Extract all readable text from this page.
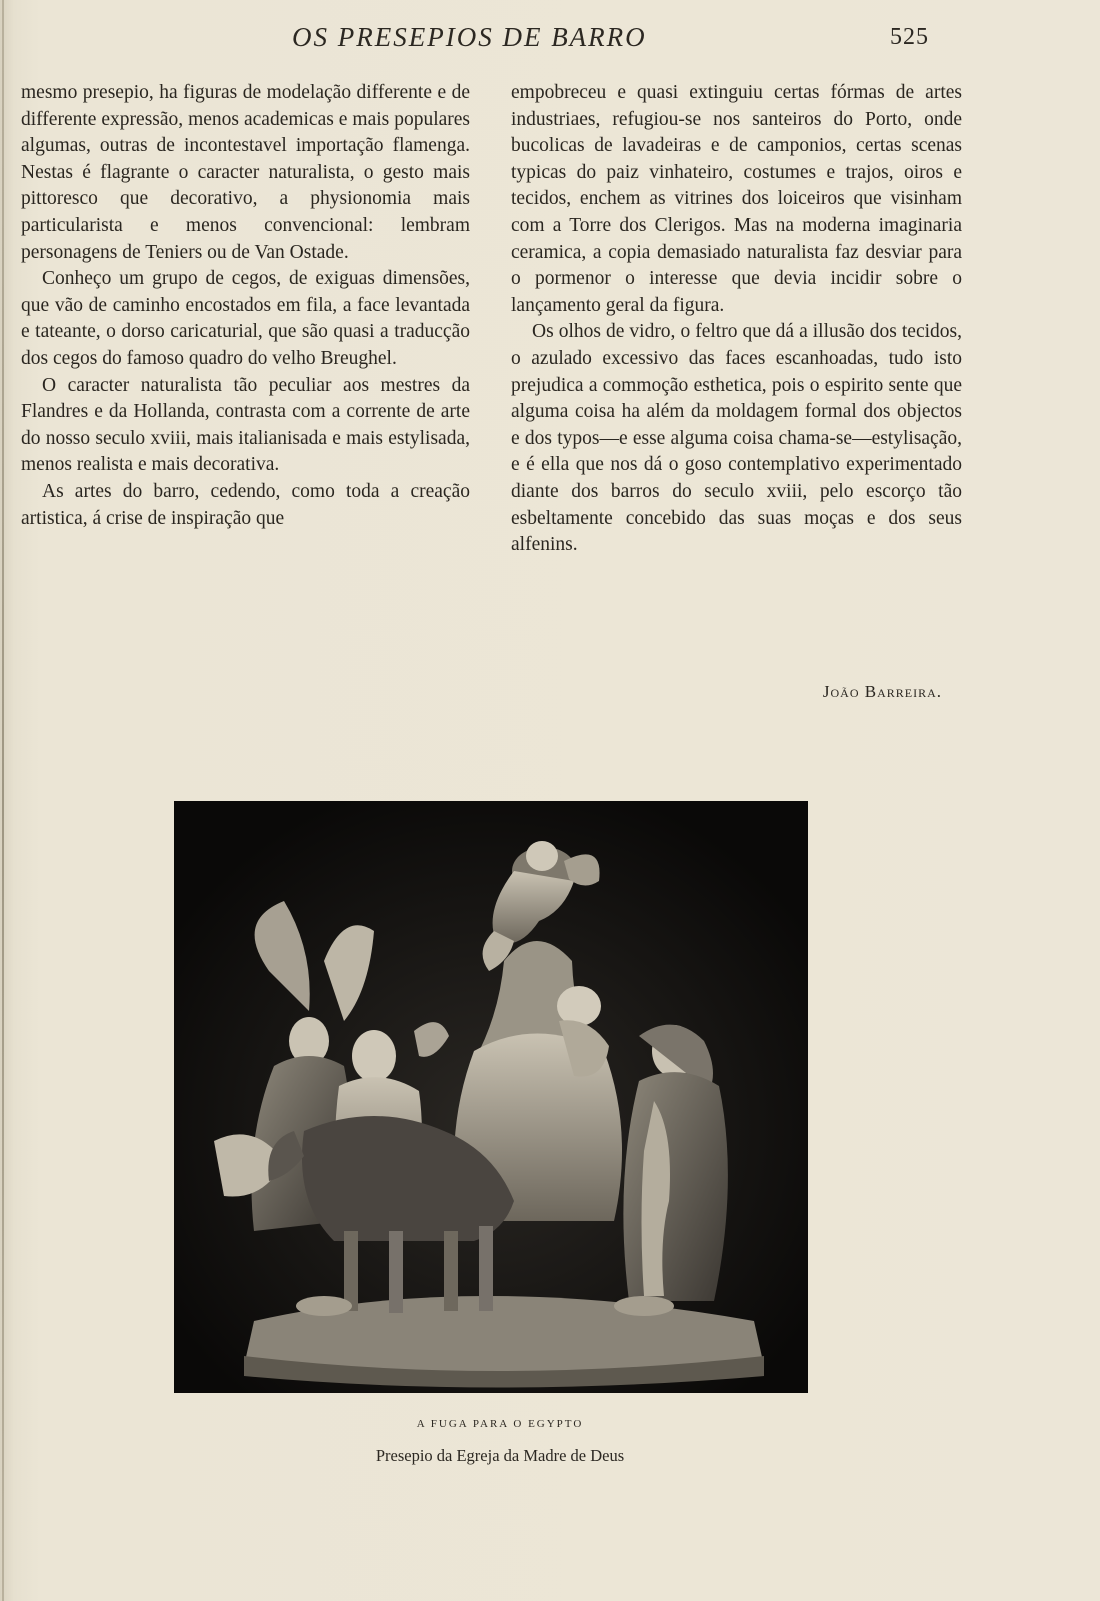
OS PRESEPIOS DE BARRO	525

mesmo presepio, ha figuras de modelação differente e de differente expressão, menos academicas e mais populares algumas, outras de incontestavel importação flamenga. Nestas é flagrante o caracter naturalista, o gesto mais pittoresco que decorativo, a physionomia mais particularista e menos convencional: lembram personagens de Teniers ou de Van Ostade.

Conheço um grupo de cegos, de exiguas dimensões, que vão de caminho encostados em fila, a face levantada e tateante, o dorso caricaturial, que são quasi a traducção dos cegos do famoso quadro do velho Breughel.

O caracter naturalista tão peculiar aos mestres da Flandres e da Hollanda, contrasta com a corrente de arte do nosso seculo xviii, mais italianisada e mais estylisada, menos realista e mais decorativa.

As artes do barro, cedendo, como toda a creação artistica, á crise de inspiração que

empobreceu e quasi extinguiu certas fórmas de artes industriaes, refugiou-se nos santeiros do Porto, onde bucolicas de lavadeiras e de camponios, certas scenas typicas do paiz vinhateiro, costumes e trajos, oiros e tecidos, enchem as vitrines dos loiceiros que visinham com a Torre dos Clerigos. Mas na moderna imaginaria ceramica, a copia demasiado naturalista faz desviar para o pormenor o interesse que devia incidir sobre o lançamento geral da figura.

Os olhos de vidro, o feltro que dá a illusão dos tecidos, o azulado excessivo das faces escanhoadas, tudo isto prejudica a commoção esthetica, pois o espirito sente que alguma coisa ha além da moldagem formal dos objectos e dos typos—e esse alguma coisa chama-se—estylisação, e é ella que nos dá o goso contemplativo experimentado diante dos barros do seculo xviii, pelo escorço tão esbeltamente concebido das suas moças e dos seus alfenins.

João Barreira.
A FUGA PARA O EGYPTO
Presepio da Egreja da Madre de Deus
